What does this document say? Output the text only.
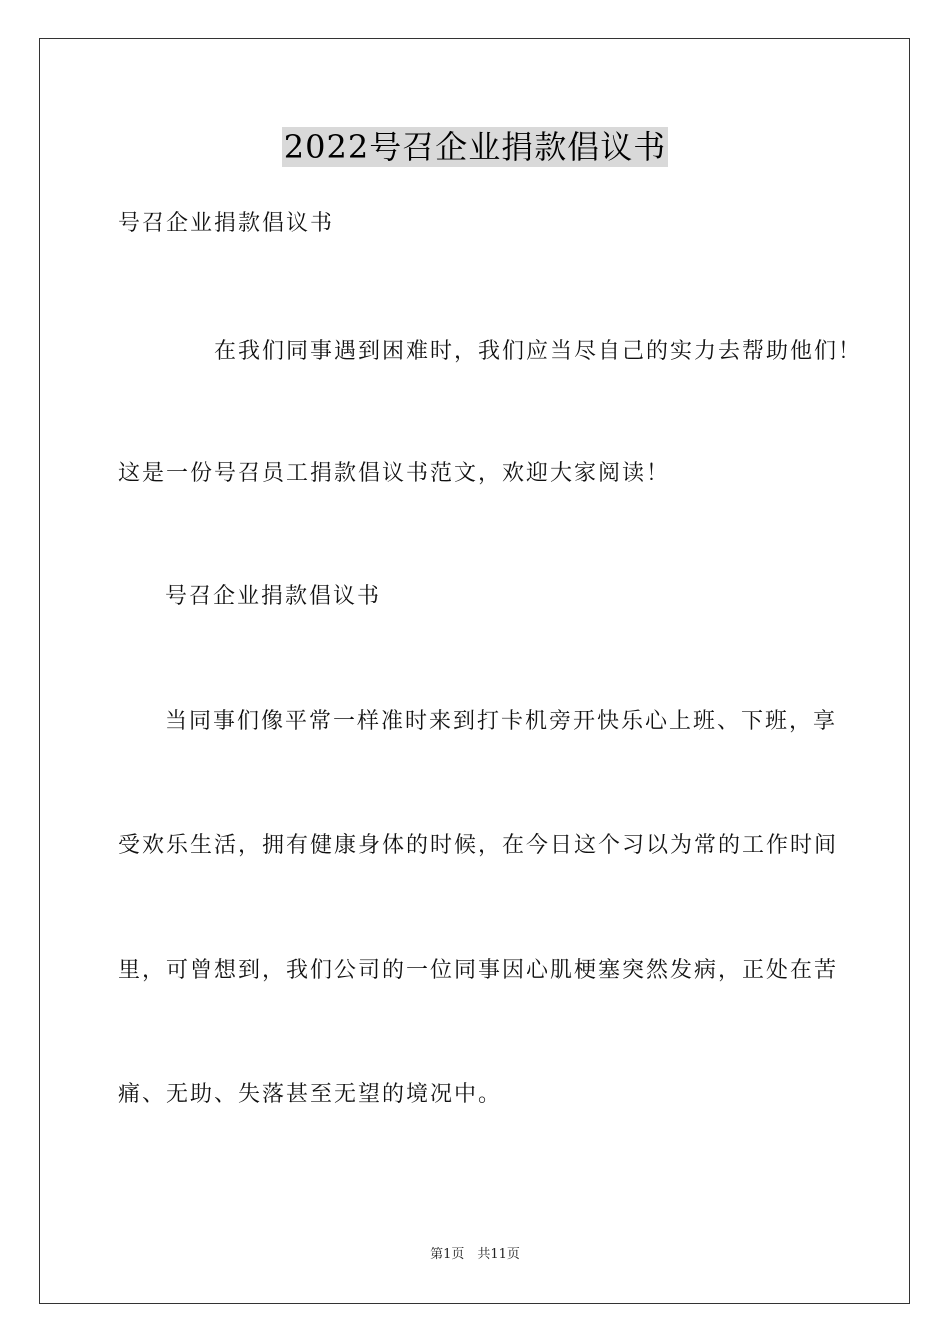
2022号召企业捐款倡议书
号召企业捐款倡议书
在我们同事遇到困难时，我们应当尽自己的实力去帮助他们！
这是一份号召员工捐款倡议书范文，欢迎大家阅读！
号召企业捐款倡议书
当同事们像平常一样准时来到打卡机旁开快乐心上班、下班，享
受欢乐生活，拥有健康身体的时候，在今日这个习以为常的工作时间
里，可曾想到，我们公司的一位同事因心肌梗塞突然发病，正处在苦
痛、无助、失落甚至无望的境况中。
第1页　共11页
